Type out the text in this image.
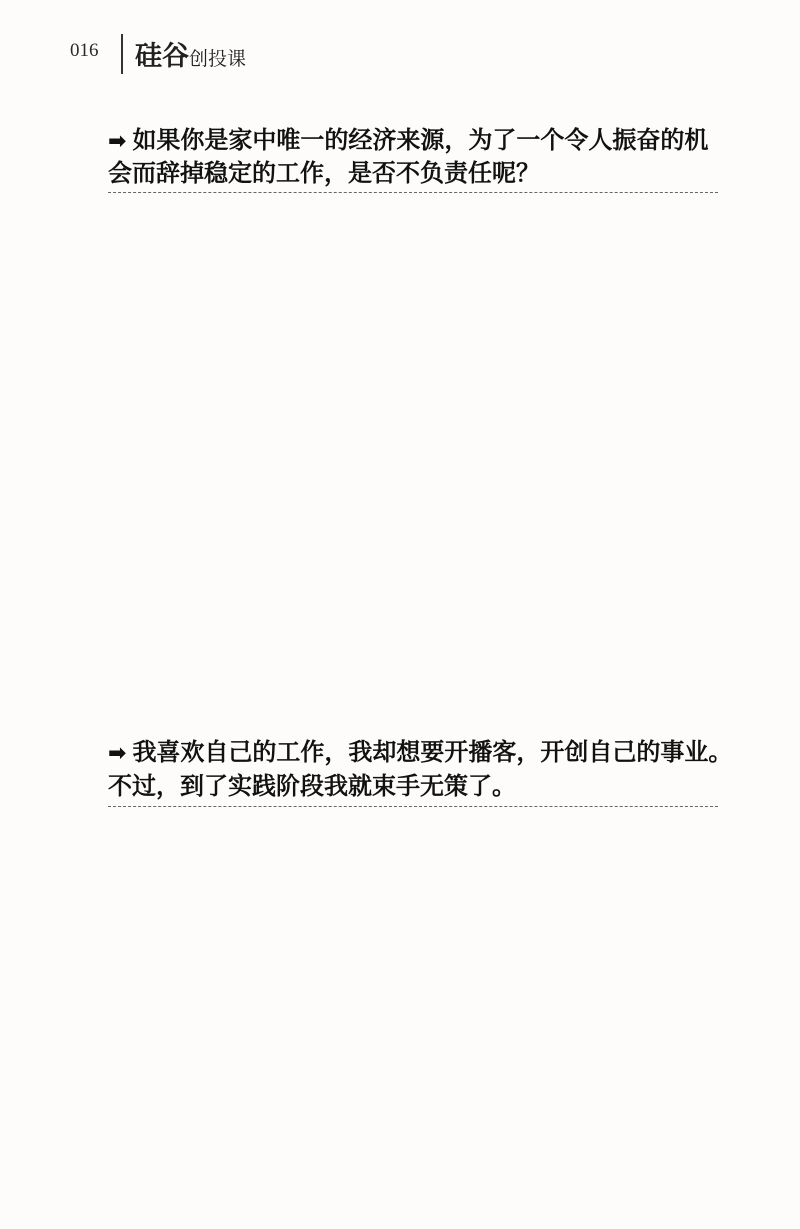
016	硅谷创投课
➡ 如果你是家中唯一的经济来源，为了一个令人振奋的机
会而辞掉稳定的工作，是否不负责任呢？

➡ 我喜欢自己的工作，我却想要开播客，开创自己的事业。
不过，到了实践阶段我就束手无策了。
